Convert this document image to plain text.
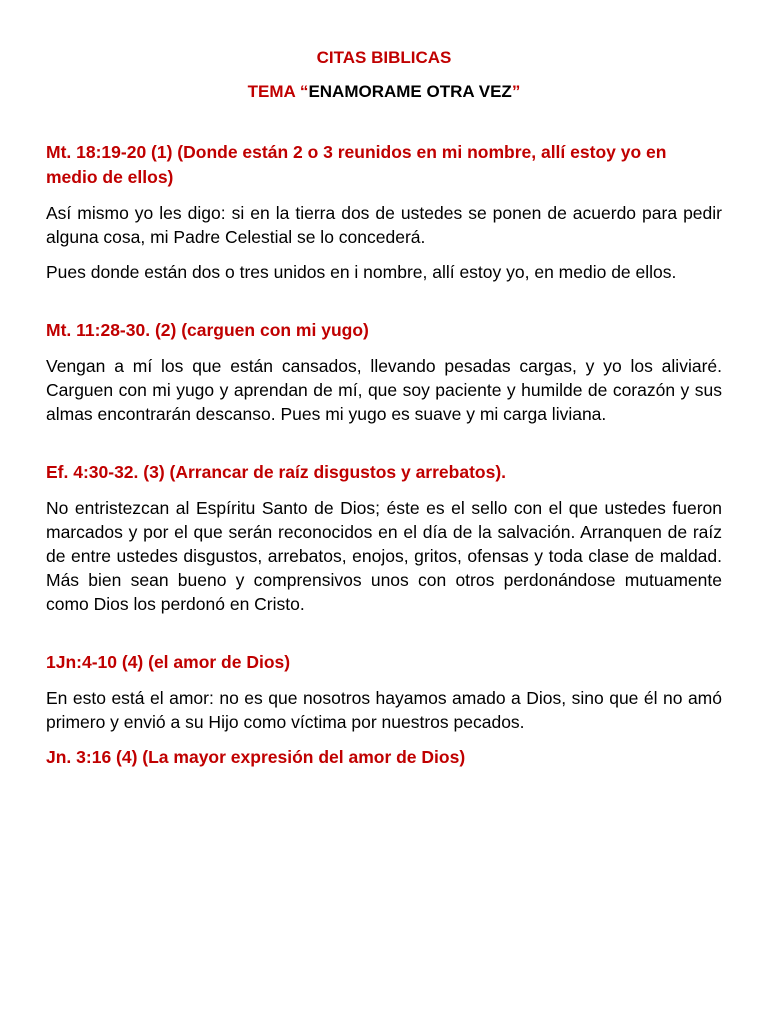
CITAS BIBLICAS

TEMA “ENAMORAME OTRA VEZ”

Mt. 18:19-20 (1) (Donde están 2 o 3 reunidos en mi nombre, allí estoy yo en medio de ellos)

Así mismo yo les digo: si en la tierra dos de ustedes se ponen de acuerdo para pedir alguna cosa, mi Padre Celestial se lo concederá.

Pues donde están dos o tres unidos en i nombre, allí estoy yo, en medio de ellos.

Mt. 11:28-30. (2) (carguen con mi yugo)

Vengan a mí los que están cansados, llevando pesadas cargas, y yo los aliviaré. Carguen con mi yugo y aprendan de mí, que soy paciente y humilde de corazón y sus almas encontrarán descanso. Pues mi yugo es suave y mi carga liviana.

Ef. 4:30-32. (3) (Arrancar de raíz disgustos y arrebatos).

No entristezcan al Espíritu Santo de Dios; éste es el sello con el que ustedes fueron marcados y por el que serán reconocidos en el día de la salvación. Arranquen de raíz de entre ustedes disgustos, arrebatos, enojos, gritos, ofensas y toda clase de maldad. Más bien sean bueno y comprensivos unos con otros perdonándose mutuamente como Dios los perdonó en Cristo.

1Jn:4-10 (4) (el amor de Dios)

En esto está el amor: no es que nosotros hayamos amado a Dios, sino que él no amó primero y envió a su Hijo como víctima por nuestros pecados.

Jn. 3:16 (4) (La mayor expresión del amor de Dios)
